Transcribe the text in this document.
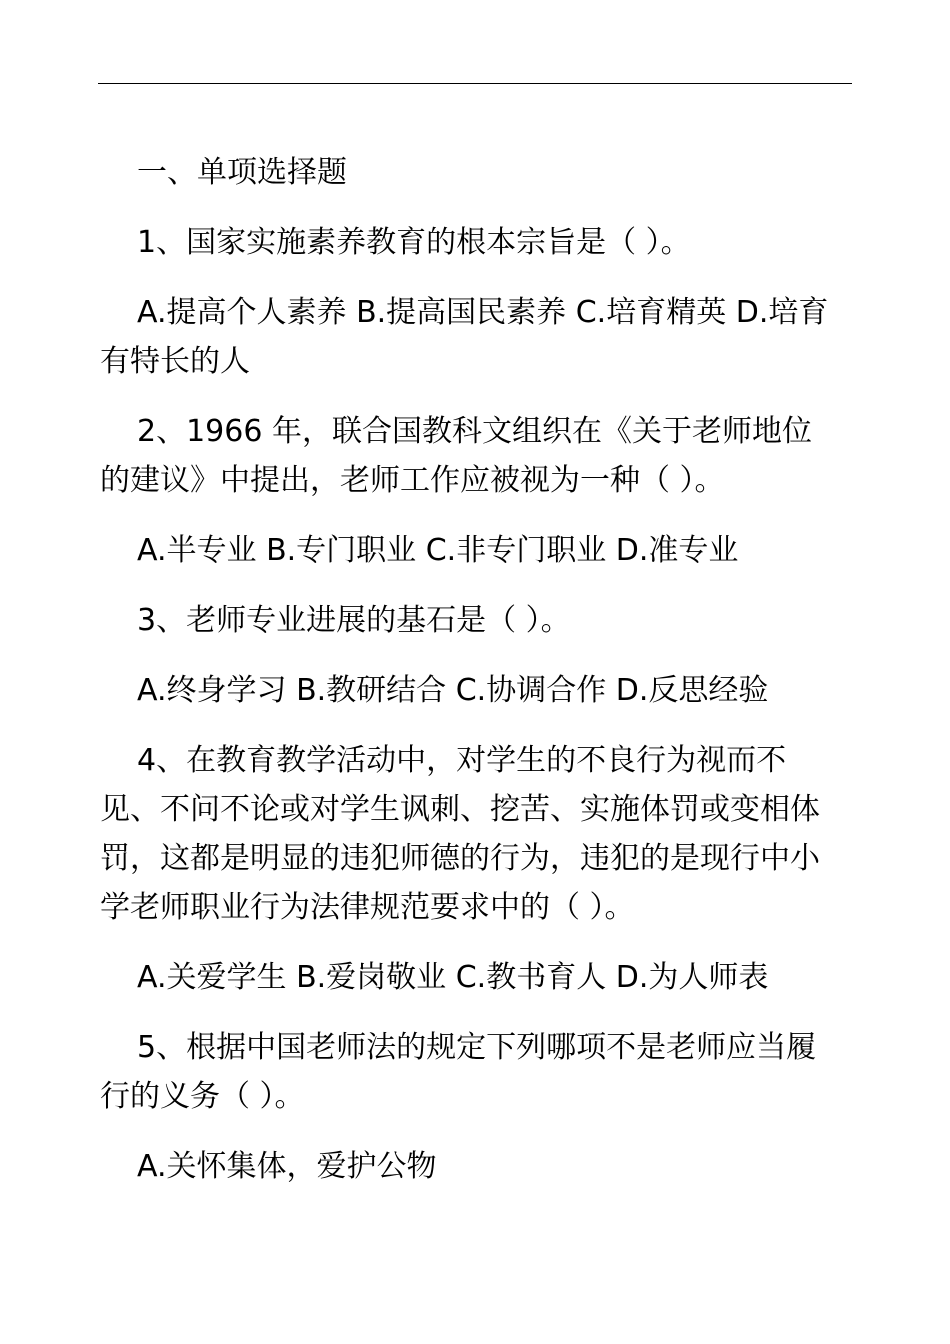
一、单项选择题

1、国家实施素养教育的根本宗旨是（ ）。

A.提高个人素养 B.提高国民素养 C.培育精英 D.培育有特长的人

2、1966 年，联合国教科文组织在《关于老师地位的建议》中提出，老师工作应被视为一种（ ）。

A.半专业 B.专门职业 C.非专门职业 D.准专业

3、老师专业进展的基石是（ ）。

A.终身学习 B.教研结合 C.协调合作 D.反思经验

4、在教育教学活动中，对学生的不良行为视而不见、不问不论或对学生讽刺、挖苦、实施体罚或变相体罚，这都是明显的违犯师德的行为，违犯的是现行中小学老师职业行为法律规范要求中的（ ）。

A.关爱学生 B.爱岗敬业 C.教书育人 D.为人师表

5、根据中国老师法的规定下列哪项不是老师应当履行的义务（ ）。

A.关怀集体，爱护公物
